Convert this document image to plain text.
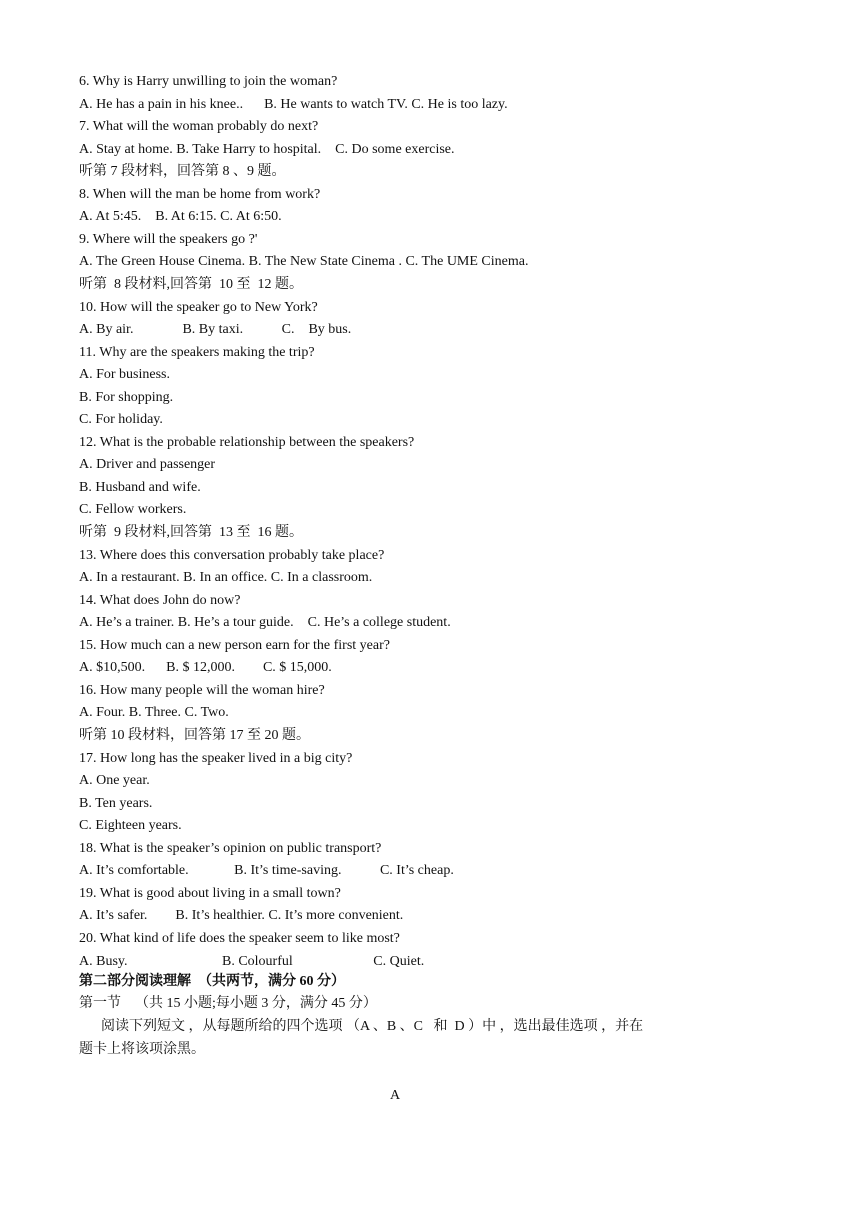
6. Why is Harry unwilling to join the woman?
A. He has a pain in his knee..      B. He wants to watch TV. C. He is too lazy.
7. What will the woman probably do next?
A. Stay at home. B. Take Harry to hospital.    C. Do some exercise.
听第 7 段材料，回答第 8 、9 题。
8. When will the man be home from work?
A. At 5:45.    B. At 6:15. C. At 6:50.
9. Where will the speakers go ?'
A. The Green House Cinema. B. The New State Cinema . C. The UME Cinema.
听第  8 段材料,回答第  10 至  12 题。
10. How will the speaker go to New York?
A. By air.              B. By taxi.           C.    By bus.
11. Why are the speakers making the trip?
A. For business.
B. For shopping.
C. For holiday.
12. What is the probable relationship between the speakers?
A. Driver and passenger
B. Husband and wife.
C. Fellow workers.
听第  9 段材料,回答第  13 至  16 题。
13. Where does this conversation probably take place?
A. In a restaurant. B. In an office. C. In a classroom.
14. What does John do now?
A. He’s a trainer. B. He’s a tour guide.    C. He’s a college student.
15. How much can a new person earn for the first year?
A. $10,500.      B. $ 12,000.        C. $ 15,000.
16. How many people will the woman hire?
A. Four. B. Three. C. Two.
听第 10 段材料，回答第 17 至 20 题。
17. How long has the speaker lived in a big city?
A. One year.
B. Ten years.
C. Eighteen years.
18. What is the speaker’s opinion on public transport?
A. It’s comfortable.             B. It’s time-saving.           C. It’s cheap.
19. What is good about living in a small town?
A. It’s safer.        B. It’s healthier. C. It’s more convenient.
20. What kind of life does the speaker seem to like most?
A. Busy.                           B. Colourful                       C. Quiet.
第二部分阅读理解  （共两节，满分 60 分）
第一节    （共 15 小题;每小题 3 分，满分 45 分）
阅读下列短文 ，从每题所给的四个选项 （A 、B 、C   和  D ）中 ，选出最佳选项 ，并在
题卡上将该项涂黑。
A
